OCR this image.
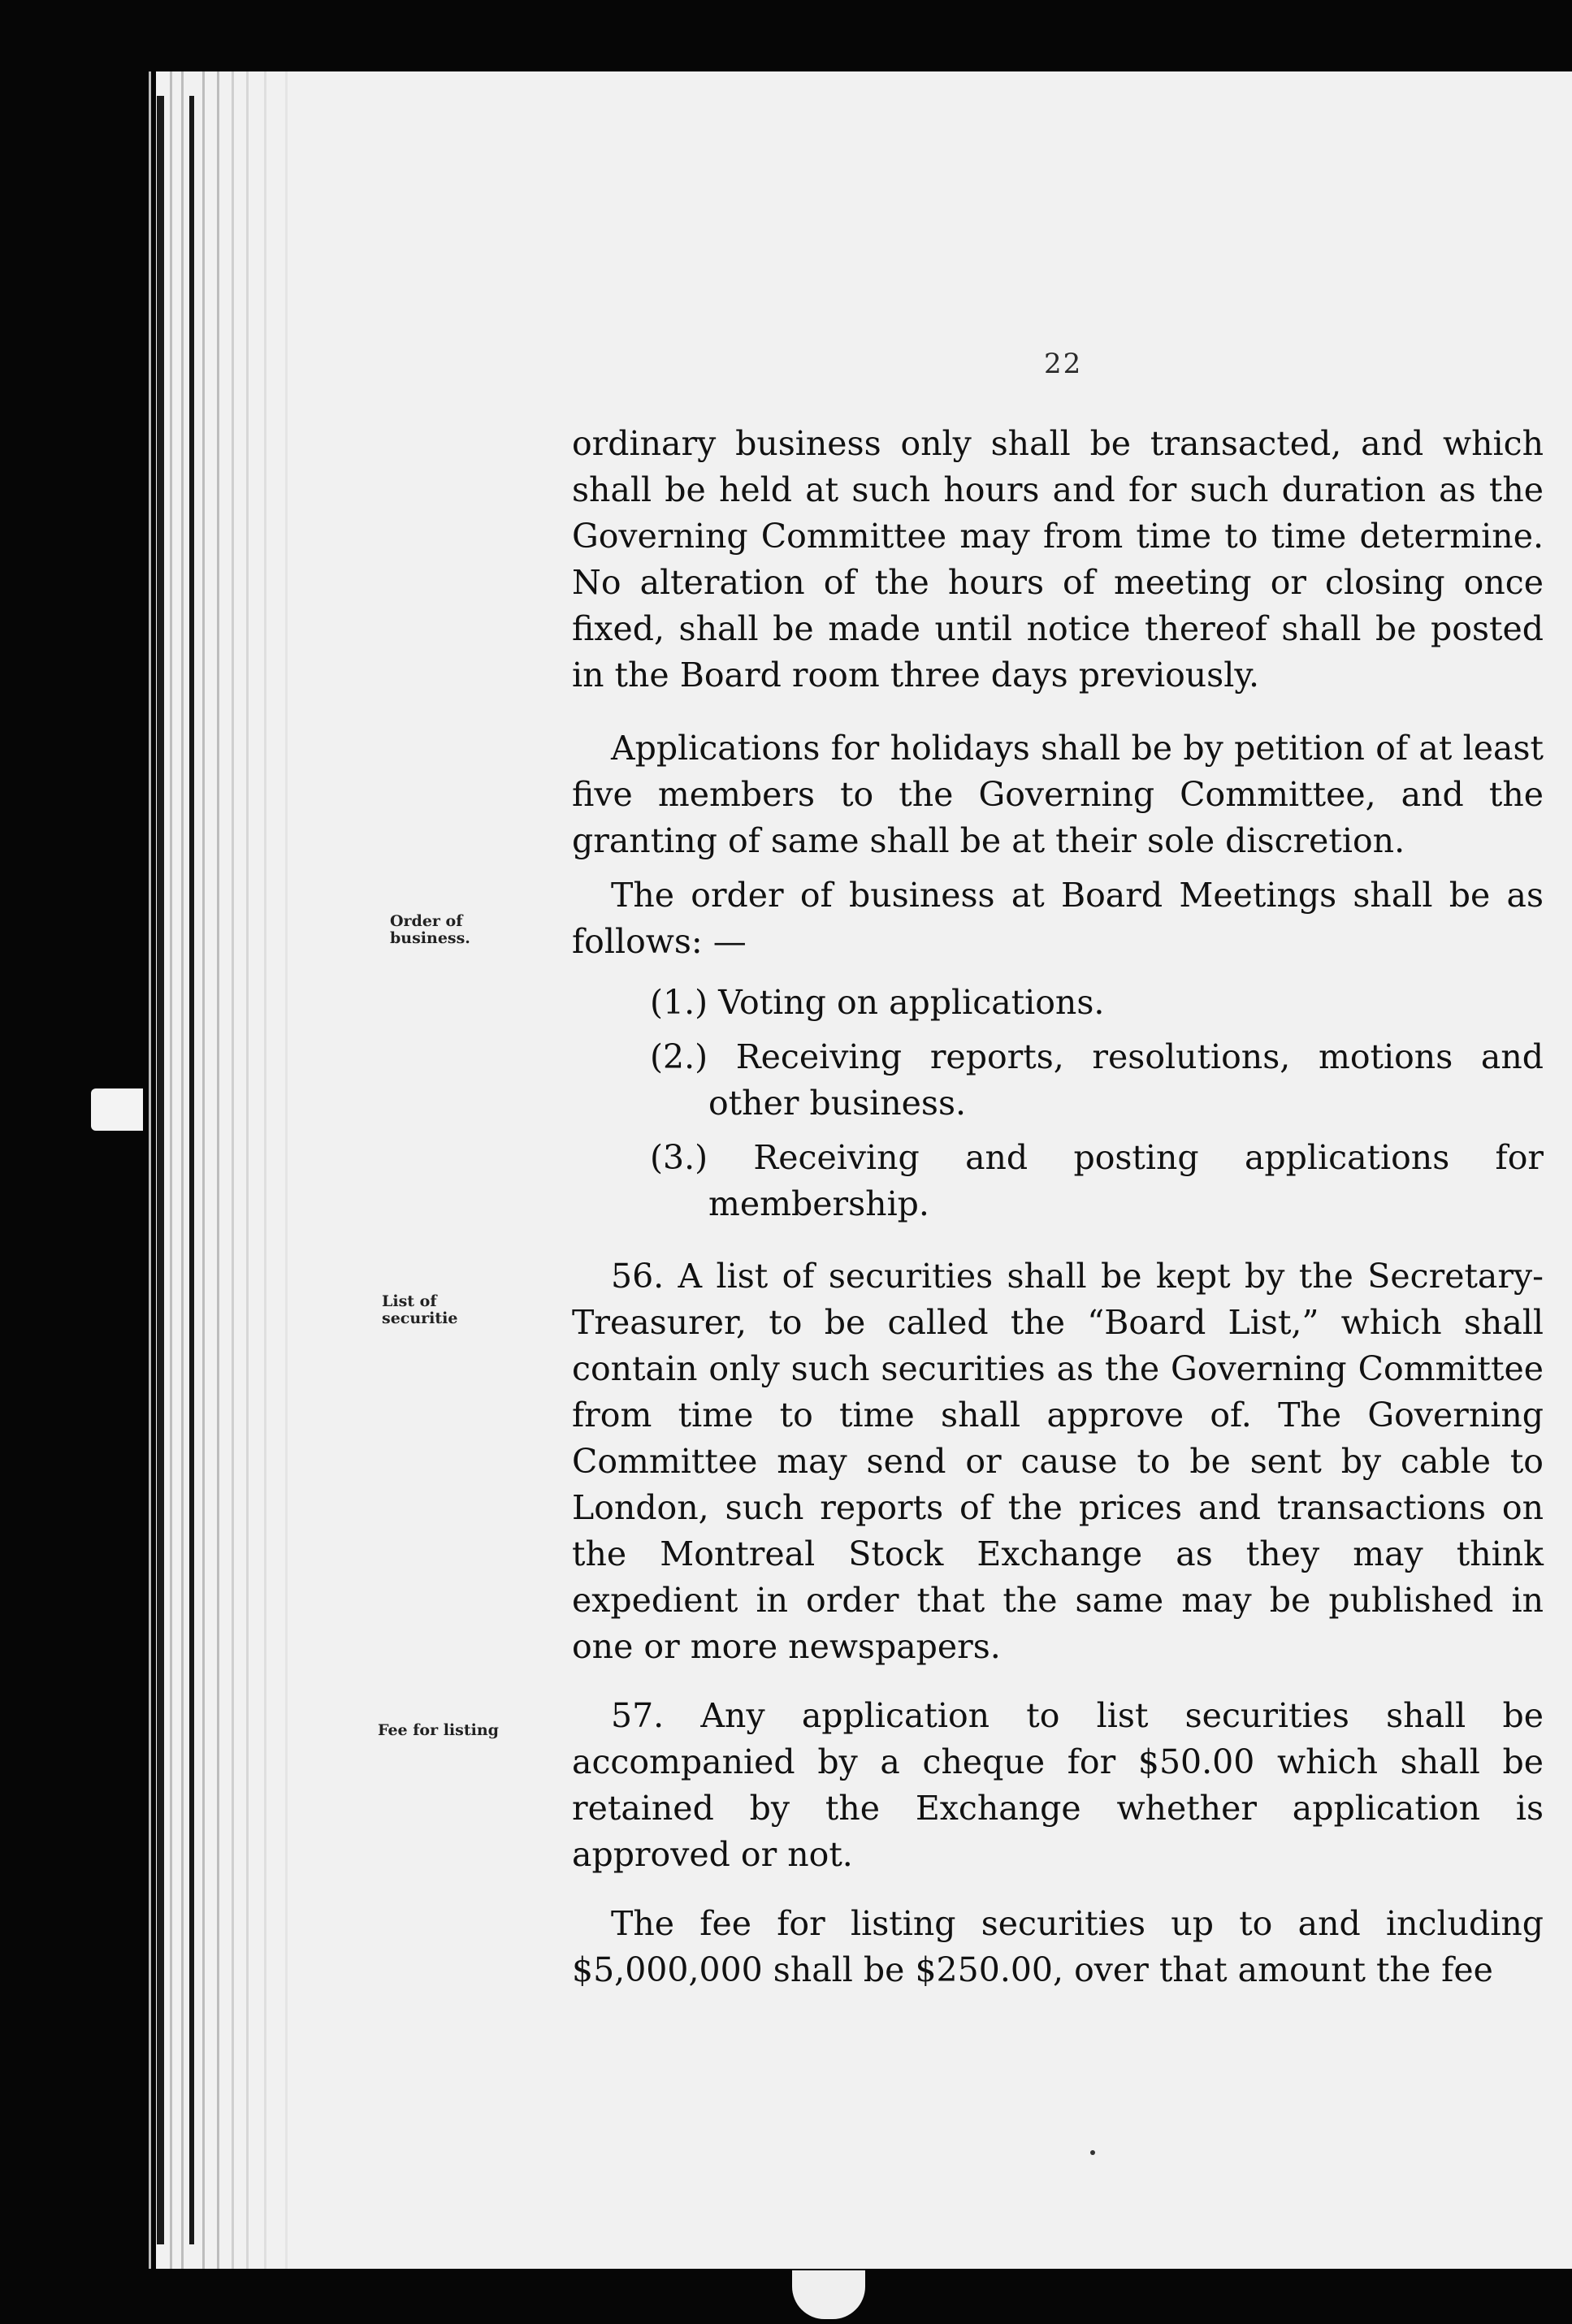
22
Order of
business.
List of
securitie
Fee for listing

ordinary business only shall be transacted, and which shall be held at such hours and for such duration as the Governing Committee may from time to time determine. No alteration of the hours of meeting or closing once fixed, shall be made until notice thereof shall be posted in the Board room three days previously.

Applications for holidays shall be by petition of at least five members to the Governing Committee, and the granting of same shall be at their sole discretion.

The order of business at Board Meetings shall be as follows: —

(1.) Voting on applications.

(2.) Receiving reports, resolutions, motions and other business.

(3.) Receiving and posting applications for membership.

56. A list of securities shall be kept by the Secretary-Treasurer, to be called the “Board List,” which shall contain only such securities as the Governing Committee from time to time shall approve of. The Governing Committee may send or cause to be sent by cable to London, such reports of the prices and transactions on the Montreal Stock Exchange as they may think expedient in order that the same may be published in one or more newspapers.

57. Any application to list securities shall be accompanied by a cheque for $50.00 which shall be retained by the Exchange whether application is approved or not.

The fee for listing securities up to and including $5,000,000 shall be $250.00, over that amount the fee
